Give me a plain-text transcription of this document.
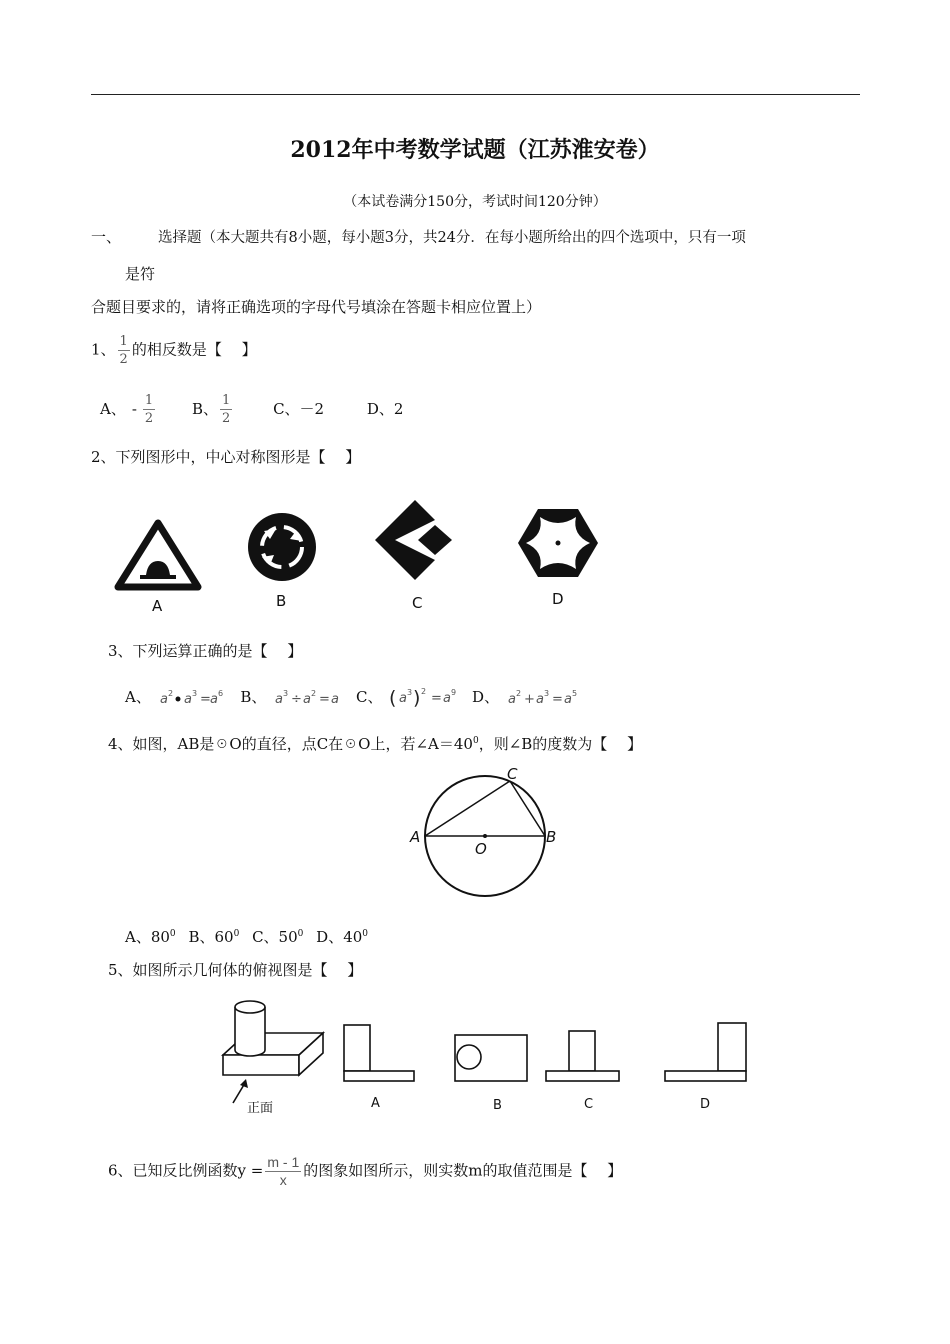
2012年中考数学试题（江苏淮安卷）
（本试卷满分150分，考试时间120分钟）
一、	选择题（本大题共有8小题，每小题3分，共24分．在每小题所给出的四个选项中，只有一项
是符
合题目要求的，请将正确选项的字母代号填涂在答题卡相应位置上）
1、 $\frac{1}{2}$ 的相反数是【　 】
A、 - $\frac{1}{2}$ B、 $\frac{1}{2}$	C、－2	D、2
2、下列图形中，中心对称图形是【　 】
A	B	C	D
3、下列运算正确的是【　 】
A、 a 2 a 3 = a 6 B、 a 3 ÷ a 2 = a C、 ( a 3 ) 2 = a 9 D、 a 2 + a 3 = a 5
4、如图，AB是☉O的直径，点C在☉O上，若$\angle A=40^0$，则∠B的度数为【　 】
A	B
C
O
A、$80^0$ B、$60^0$ C、$50^0$ D、$40^0$
5、如图所示几何体的俯视图是【　 】
正面	A	B	C	D
6、已知反比例函数$y = \frac{m - 1}{x}$ 的图象如图所示，则实数m的取值范围是【　 】
